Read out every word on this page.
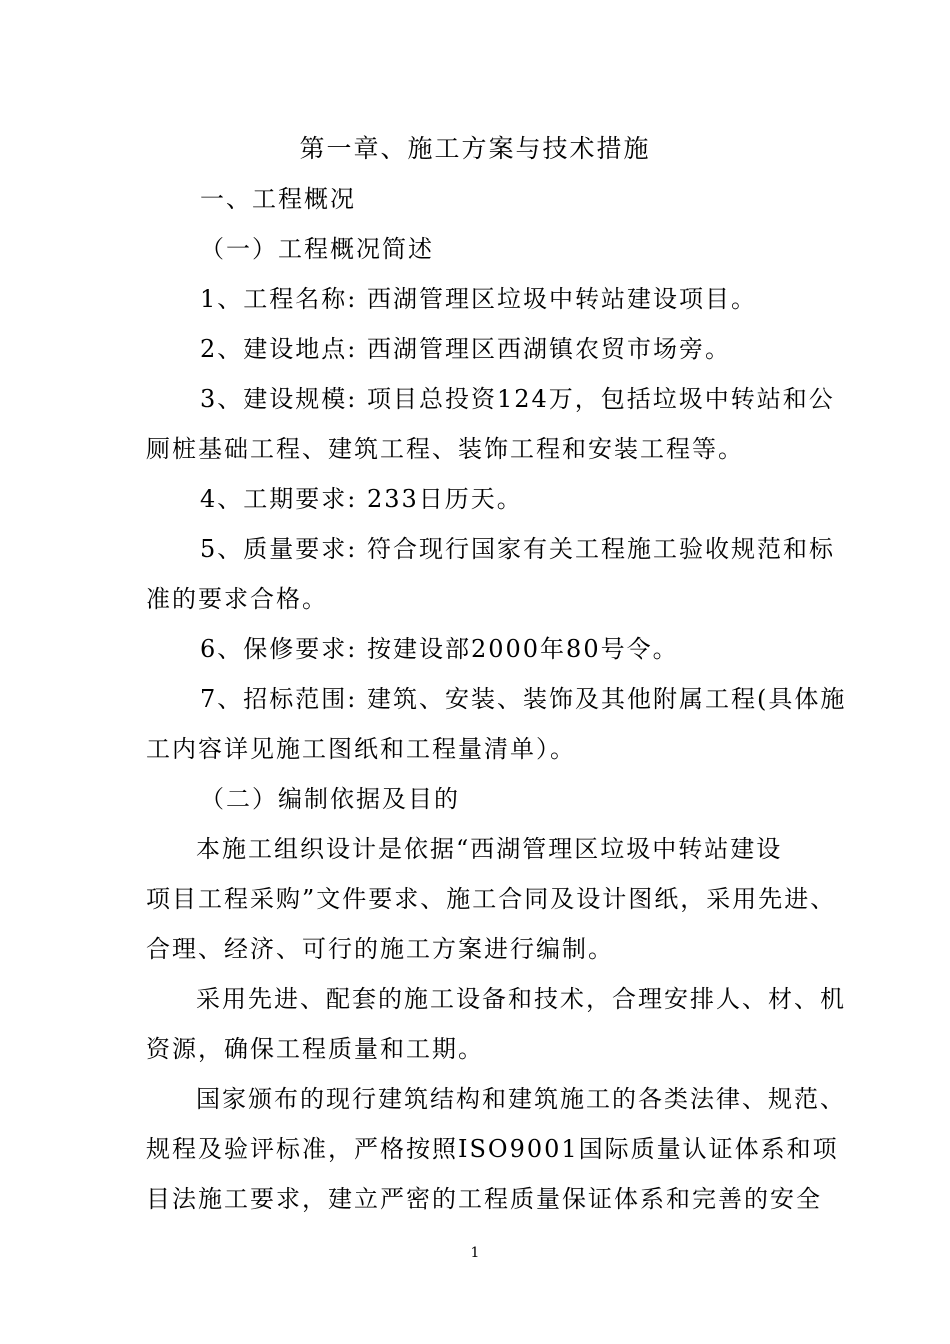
第一章、施工方案与技术措施
一、工程概况
（一）工程概况简述
1、工程名称: 西湖管理区垃圾中转站建设项目。
2、建设地点: 西湖管理区西湖镇农贸市场旁。
3、建设规模: 项目总投资124万，包括垃圾中转站和公
厕桩基础工程、建筑工程、装饰工程和安装工程等。
4、工期要求: 233日历天。
5、质量要求: 符合现行国家有关工程施工验收规范和标
准的要求合格。
6、保修要求: 按建设部2000年80号令。
7、招标范围: 建筑、安装、装饰及其他附属工程(具体施
工内容详见施工图纸和工程量清单）。
（二）编制依据及目的
本施工组织设计是依据“西湖管理区垃圾中转站建设
项目工程采购”文件要求、施工合同及设计图纸，采用先进、
合理、经济、可行的施工方案进行编制。
采用先进、配套的施工设备和技术，合理安排人、材、机
资源，确保工程质量和工期。
国家颁布的现行建筑结构和建筑施工的各类法律、规范、
规程及验评标准，严格按照ISO9001国际质量认证体系和项
目法施工要求，建立严密的工程质量保证体系和完善的安全
1
